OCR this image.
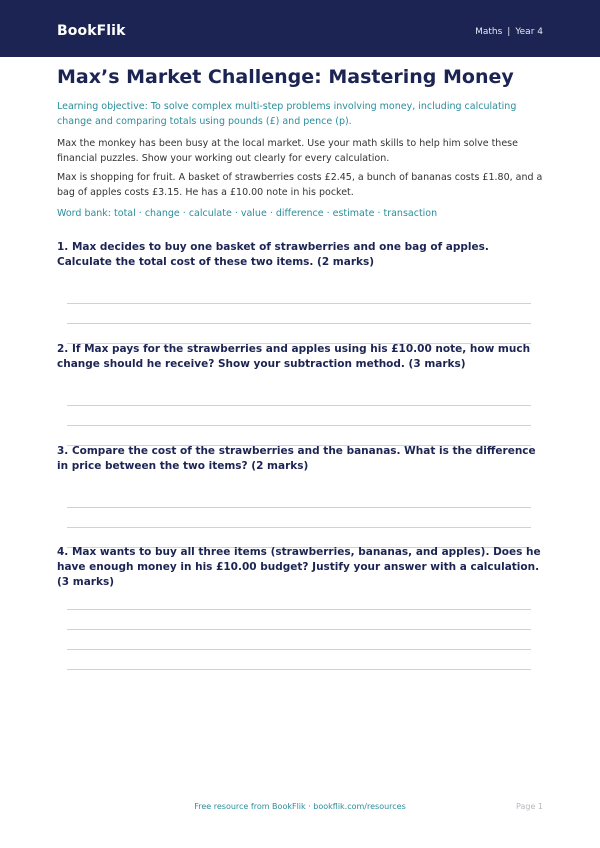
BookFlik	Maths | Year 4
Max’s Market Challenge: Mastering Money
Learning objective: To solve complex multi-step problems involving money, including calculating change and comparing totals using pounds (£) and pence (p).
Max the monkey has been busy at the local market. Use your math skills to help him solve these financial puzzles. Show your working out clearly for every calculation.
Max is shopping for fruit. A basket of strawberries costs £2.45, a bunch of bananas costs £1.80, and a bag of apples costs £3.15. He has a £10.00 note in his pocket.
Word bank: total · change · calculate · value · difference · estimate · transaction
1. Max decides to buy one basket of strawberries and one bag of apples. Calculate the total cost of these two items. (2 marks)
2. If Max pays for the strawberries and apples using his £10.00 note, how much change should he receive? Show your subtraction method. (3 marks)
3. Compare the cost of the strawberries and the bananas. What is the difference in price between the two items? (2 marks)
4. Max wants to buy all three items (strawberries, bananas, and apples). Does he have enough money in his £10.00 budget? Justify your answer with a calculation. (3 marks)
Free resource from BookFlik · bookflik.com/resources	Page 1
